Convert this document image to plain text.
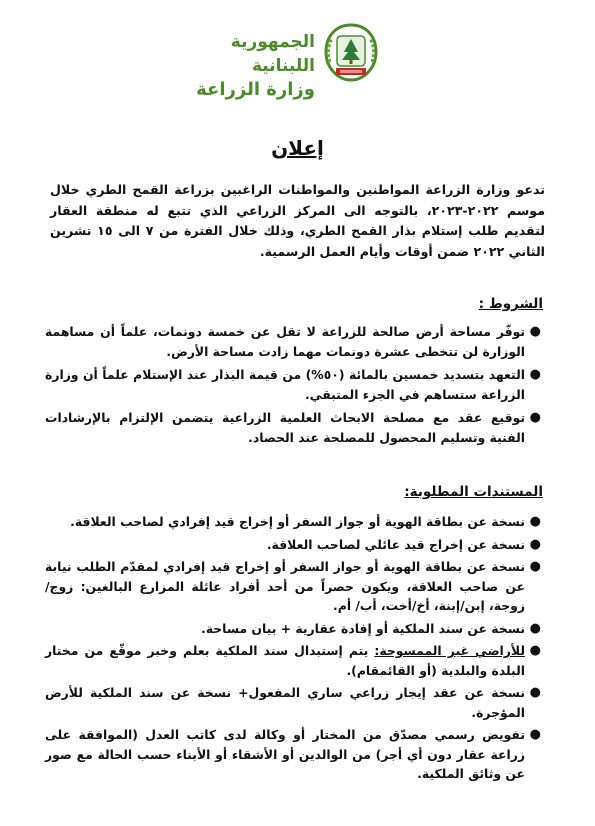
الجمهورية اللبنانية
وزارة الزراعة
إعلان
تدعو وزارة الزراعة المواطنين والمواطنات الراغبين بزراعة القمح الطري خلال موسم ٢٠٢٢-٢٠٢٣، بالتوجه الى المركز الزراعي الذي تتبع له منطقة العقار لتقديم طلب إستلام بذار القمح الطري، وذلك خلال الفترة من ٧ الى ١٥ تشرين الثاني ٢٠٢٢ ضمن أوقات وأيام العمل الرسمية.
الشروط :
●
توفّر مساحة أرض صالحة للزراعة لا تقل عن خمسة دونمات، علماً أن مساهمة الوزارة لن تتخطى عشرة دونمات مهما زادت مساحة الأرض.
●
التعهد بتسديد خمسين بالمائة (٥٠%) من قيمة البذار عند الإستلام علماً أن وزارة الزراعة ستساهم في الجزء المتبقي.
●
توقيع عقد مع مصلحة الابحاث العلمية الزراعية يتضمن الإلتزام بالإرشادات الفنية وتسليم المحصول للمصلحة عند الحصاد.
المستندات المطلوبة:
●
نسخة عن بطاقة الهوية أو جواز السفر أو إخراج قيد إفرادي لصاحب العلاقة.
●
نسخة عن إخراج قيد عائلي لصاحب العلاقة.
●
نسخة عن بطاقة الهوية أو جواز السفر أو إخراج قيد إفرادي لمقدّم الطلب نيابة عن صاحب العلاقة، ويكون حصراً من أحد أفراد عائلة المزارع البالغين: زوج/زوجة، إبن/إبنة، أخ/أخت، أب/ أم.
●
نسخة عن سند الملكية أو إفادة عقارية + بيان مساحة.
●
للأراضي غير الممسوحة: يتم إستبدال سند الملكية بعلم وخبر موقّع من مختار البلدة والبلدية (أو القائمقام).
●
نسخة عن عقد إيجار زراعي ساري المفعول+ نسخة عن سند الملكية للأرض المؤجرة.
●
تفويض رسمي مصدّق من المختار أو وكالة لدى كاتب العدل (الموافقة على زراعة عقار دون أي أجر) من الوالدين أو الأشقاء أو الأبناء حسب الحالة مع صور عن وثائق الملكية.
